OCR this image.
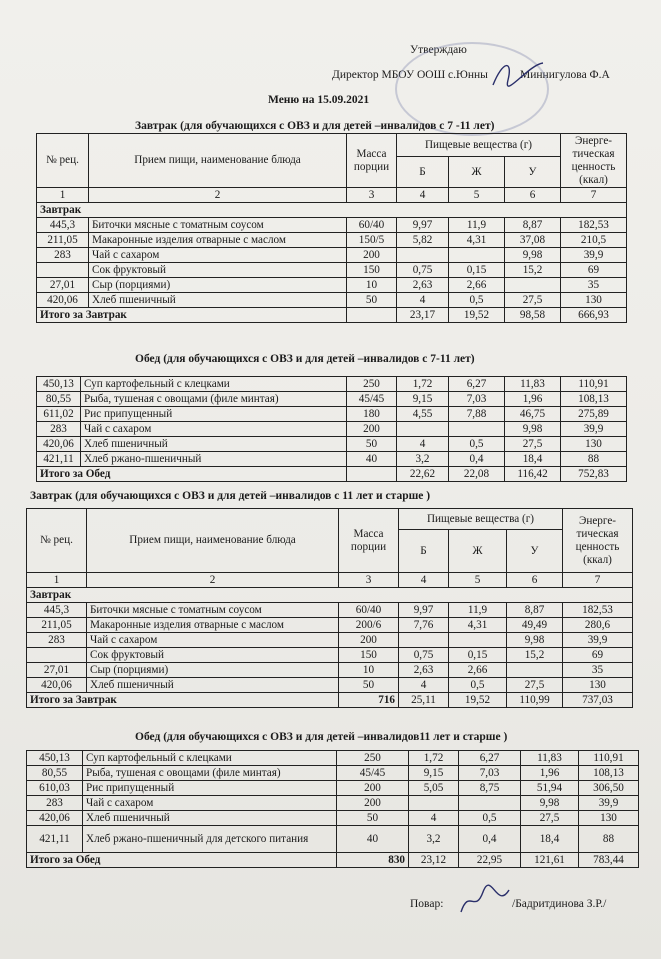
Утверждаю
Директор МБОУ ООШ с.Юнны	Миннигулова Ф.А
Меню на 15.09.2021
Завтрак (для обучающихся с ОВЗ и для детей –инвалидов с 7 -11 лет)
№ рец.	Прием пищи, наименование блюда	Масса порции	Пищевые вещества (г)			Энерге-тическая ценность (ккал)
			Б	Ж	У	
1	2	3	4	5	6	7
Завтрак						
445,3	Биточки мясные с томатным соусом	60/40	9,97	11,9	8,87	182,53
211,05	Макаронные изделия отварные с маслом	150/5	5,82	4,31	37,08	210,5
283	Чай с сахаром	200			9,98	39,9
	Сок фруктовый	150	0,75	0,15	15,2	69
27,01	Сыр (порциями)	10	2,63	2,66		35
420,06	Хлеб пшеничный	50	4	0,5	27,5	130
Итого за Завтрак			23,17	19,52	98,58	666,93
Обед (для обучающихся с ОВЗ и для детей –инвалидов с 7-11 лет)
450,13	Суп картофельный с клецками	250	1,72	6,27	11,83	110,91
80,55	Рыба, тушеная с овощами (филе минтая)	45/45	9,15	7,03	1,96	108,13
611,02	Рис припущенный	180	4,55	7,88	46,75	275,89
283	Чай с сахаром	200			9,98	39,9
420,06	Хлеб пшеничный	50	4	0,5	27,5	130
421,11	Хлеб ржано-пшеничный	40	3,2	0,4	18,4	88
Итого за Обед			22,62	22,08	116,42	752,83
Завтрак (для обучающихся с ОВЗ и для детей –инвалидов с 11 лет и старше )
№ рец.	Прием пищи, наименование блюда	Масса порции	Пищевые вещества (г)			Энерге-тическая ценность (ккал)
			Б	Ж	У	
1	2	3	4	5	6	7
Завтрак						
445,3	Биточки мясные с томатным соусом	60/40	9,97	11,9	8,87	182,53
211,05	Макаронные изделия отварные с маслом	200/6	7,76	4,31	49,49	280,6
283	Чай с сахаром	200			9,98	39,9
	Сок фруктовый	150	0,75	0,15	15,2	69
27,01	Сыр (порциями)	10	2,63	2,66		35
420,06	Хлеб пшеничный	50	4	0,5	27,5	130
Итого за Завтрак		716	25,11	19,52	110,99	737,03
Обед (для обучающихся с ОВЗ и для детей –инвалидов11 лет и старше )
450,13	Суп картофельный с клецками	250	1,72	6,27	11,83	110,91
80,55	Рыба, тушеная с овощами (филе минтая)	45/45	9,15	7,03	1,96	108,13
610,03	Рис припущенный	200	5,05	8,75	51,94	306,50
283	Чай с сахаром	200			9,98	39,9
420,06	Хлеб пшеничный	50	4	0,5	27,5	130
421,11	Хлеб ржано-пшеничный для детского питания	40	3,2	0,4	18,4	88
Итого за Обед		830	23,12	22,95	121,61	783,44
Повар:	/Бадритдинова З.Р./
